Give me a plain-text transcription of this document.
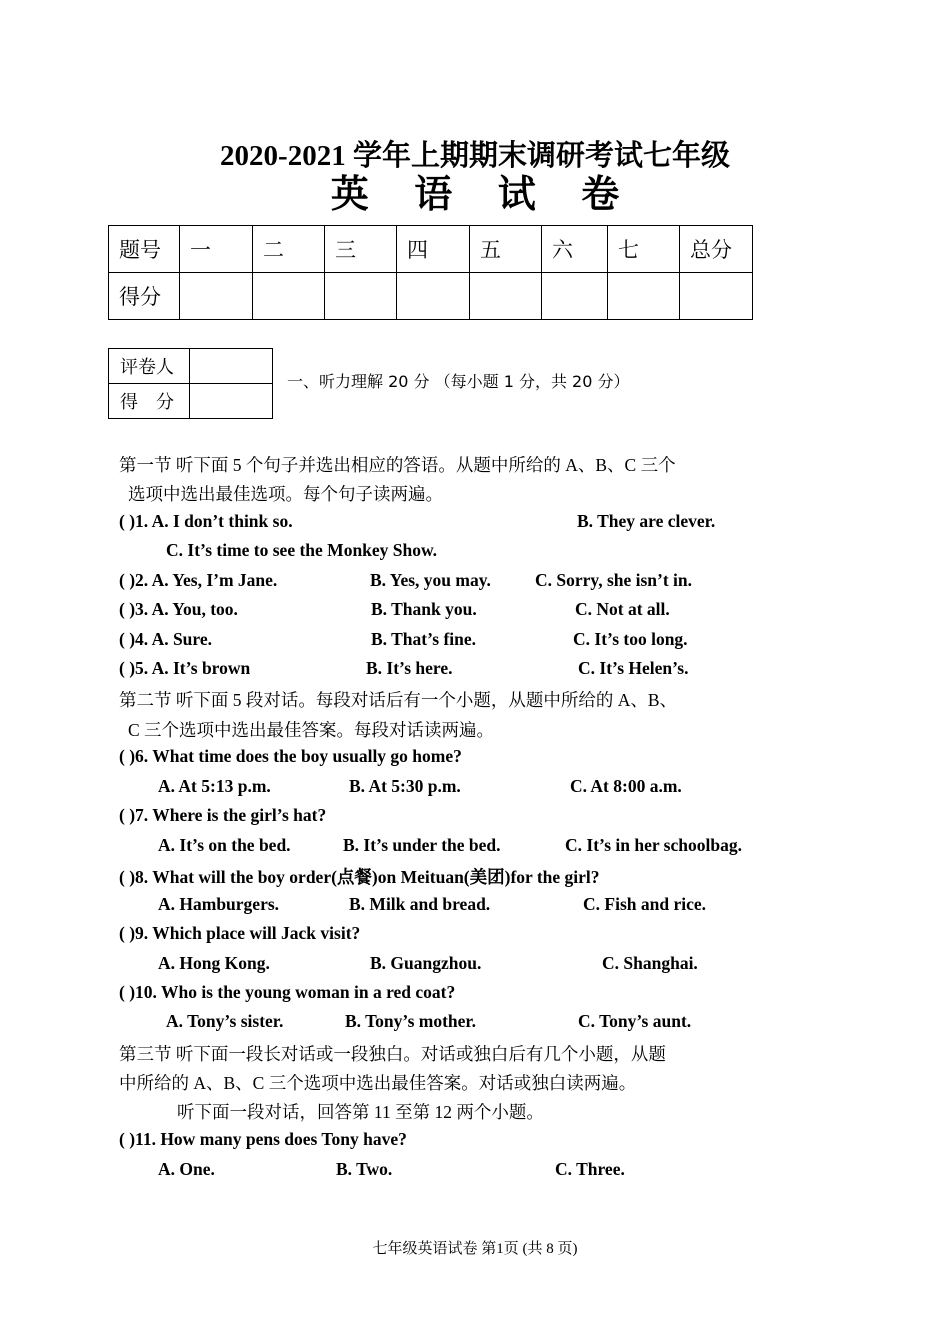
2020-2021 学年上期期末调研考试七年级
英 语 试 卷
题号	一	二	三	四	五	六	七	总分
得分								
评卷人	
得　分	
一、听力理解 20 分 （每小题 1 分，共 20 分）
第一节 听下面 5 个句子并选出相应的答语。从题中所给的 A、B、C 三个
选项中选出最佳选项。每个句子读两遍。
( )1. A. I don’t think so.	B. They are clever.
C. It’s time to see the Monkey Show.
( )2. A. Yes, I’m Jane.	B. Yes, you may.	C. Sorry, she isn’t in.
( )3. A. You, too.	B. Thank you.	C. Not at all.
( )4. A. Sure.	B. That’s fine.	C. It’s too long.
( )5. A. It’s brown	B. It’s here.	C. It’s Helen’s.
第二节 听下面 5 段对话。每段对话后有一个小题，从题中所给的 A、B、
C 三个选项中选出最佳答案。每段对话读两遍。
( )6. What time does the boy usually go home?
A. At 5:13 p.m.	B. At 5:30 p.m.	C. At 8:00 a.m.
( )7. Where is the girl’s hat?
A. It’s on the bed.	B. It’s under the bed.	C. It’s in her schoolbag.
( )8. What will the boy order(点餐)on Meituan(美团)for the girl?
A. Hamburgers.	B. Milk and bread.	C. Fish and rice.
( )9. Which place will Jack visit?
A. Hong Kong.	B. Guangzhou.	C. Shanghai.
( )10. Who is the young woman in a red coat?
A. Tony’s sister.	B. Tony’s mother.	C. Tony’s aunt.
第三节 听下面一段长对话或一段独白。对话或独白后有几个小题，从题
中所给的 A、B、C 三个选项中选出最佳答案。对话或独白读两遍。
听下面一段对话，回答第 11 至第 12 两个小题。
( )11. How many pens does Tony have?
A. One.	B. Two.	C. Three.
七年级英语试卷 第1页 (共 8 页)
